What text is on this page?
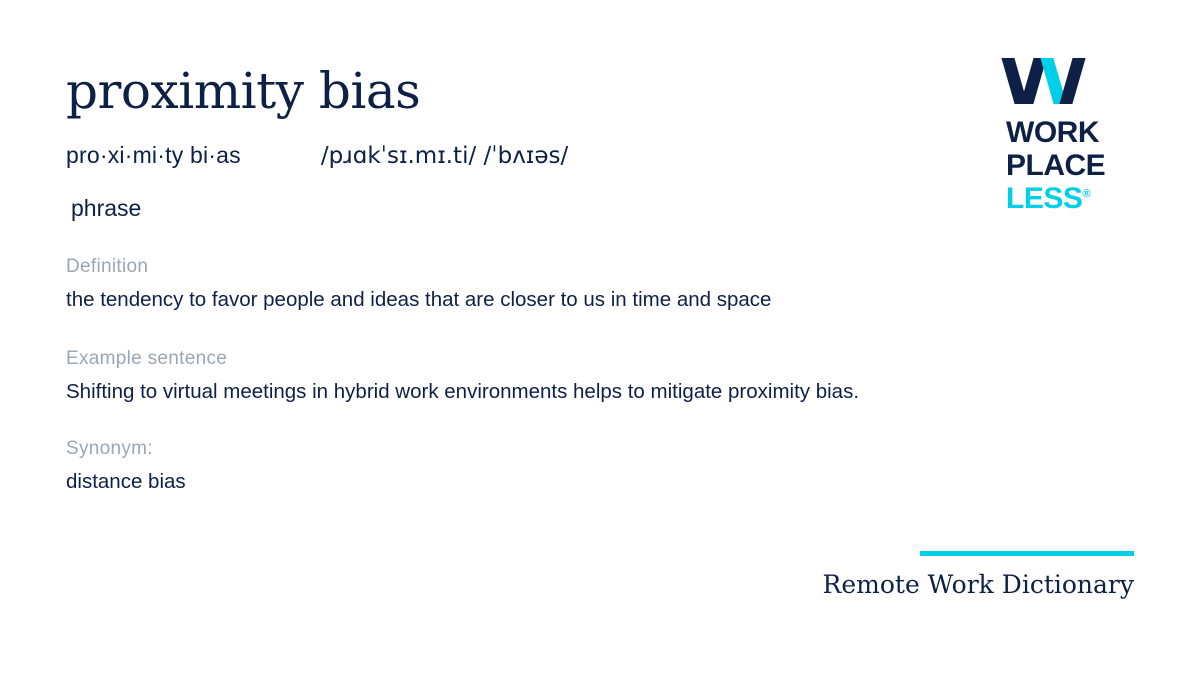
proximity bias
pro·xi·mi·ty bi·as	/pɹɑkˈsɪ.mɪ.ti/ /ˈbʌɪəs/
phrase
Definition
the tendency to favor people and ideas that are closer to us in time and space
Example sentence
Shifting to virtual meetings in hybrid work environments helps to mitigate proximity bias.
Synonym:
distance bias
WORK
PLACE
LESS®
Remote Work Dictionary
